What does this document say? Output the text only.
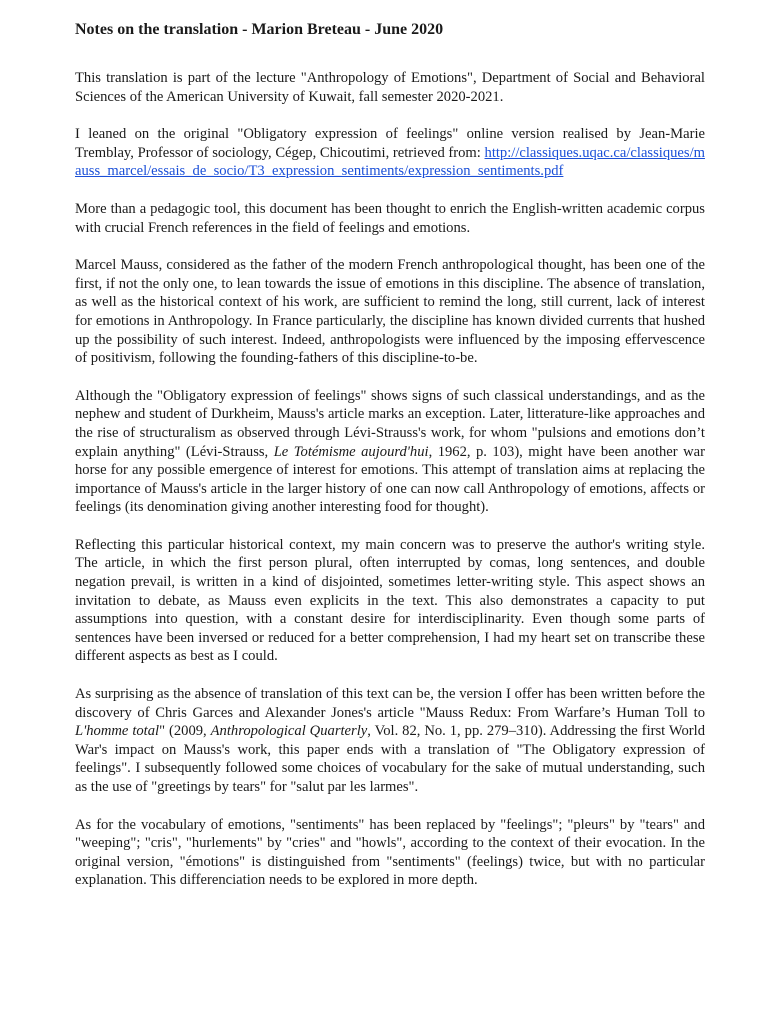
Notes on the translation - Marion Breteau - June 2020

This translation is part of the lecture "Anthropology of Emotions", Department of Social and Behavioral Sciences of the American University of Kuwait, fall semester 2020-2021.

I leaned on the original "Obligatory expression of feelings" online version realised by Jean-Marie Tremblay, Professor of sociology, Cégep, Chicoutimi, retrieved from: http://classiques.uqac.ca/classiques/mauss_marcel/essais_de_socio/T3_expression_sentiments/expression_sentiments.pdf

More than a pedagogic tool, this document has been thought to enrich the English-written academic corpus with crucial French references in the field of feelings and emotions.

Marcel Mauss, considered as the father of the modern French anthropological thought, has been one of the first, if not the only one, to lean towards the issue of emotions in this discipline. The absence of translation, as well as the historical context of his work, are sufficient to remind the long, still current, lack of interest for emotions in Anthropology. In France particularly, the discipline has known divided currents that hushed up the possibility of such interest. Indeed, anthropologists were influenced by the imposing effervescence of positivism, following the founding-fathers of this discipline-to-be.

Although the "Obligatory expression of feelings" shows signs of such classical understandings, and as the nephew and student of Durkheim, Mauss's article marks an exception. Later, litterature-like approaches and the rise of structuralism as observed through Lévi-Strauss's work, for whom "pulsions and emotions don’t explain anything" (Lévi-Strauss, Le Totémisme aujourd'hui, 1962, p. 103), might have been another war horse for any possible emergence of interest for emotions. This attempt of translation aims at replacing the importance of Mauss's article in the larger history of one can now call Anthropology of emotions, affects or feelings (its denomination giving another interesting food for thought).

Reflecting this particular historical context, my main concern was to preserve the author's writing style. The article, in which the first person plural, often interrupted by comas, long sentences, and double negation prevail, is written in a kind of disjointed, sometimes letter-writing style. This aspect shows an invitation to debate, as Mauss even explicits in the text. This also demonstrates a capacity to put assumptions into question, with a constant desire for interdisciplinarity. Even though some parts of sentences have been inversed or reduced for a better comprehension, I had my heart set on transcribe these different aspects as best as I could.

As surprising as the absence of translation of this text can be, the version I offer has been written before the discovery of Chris Garces and Alexander Jones's article "Mauss Redux: From Warfare’s Human Toll to L'homme total" (2009, Anthropological Quarterly, Vol. 82, No. 1, pp. 279–310). Addressing the first World War's impact on Mauss's work, this paper ends with a translation of "The Obligatory expression of feelings". I subsequently followed some choices of vocabulary for the sake of mutual understanding, such as the use of "greetings by tears" for "salut par les larmes".

As for the vocabulary of emotions, "sentiments" has been replaced by "feelings"; "pleurs" by "tears" and "weeping"; "cris", "hurlements" by "cries" and "howls", according to the context of their evocation. In the original version, "émotions" is distinguished from "sentiments" (feelings) twice, but with no particular explanation. This differenciation needs to be explored in more depth.
